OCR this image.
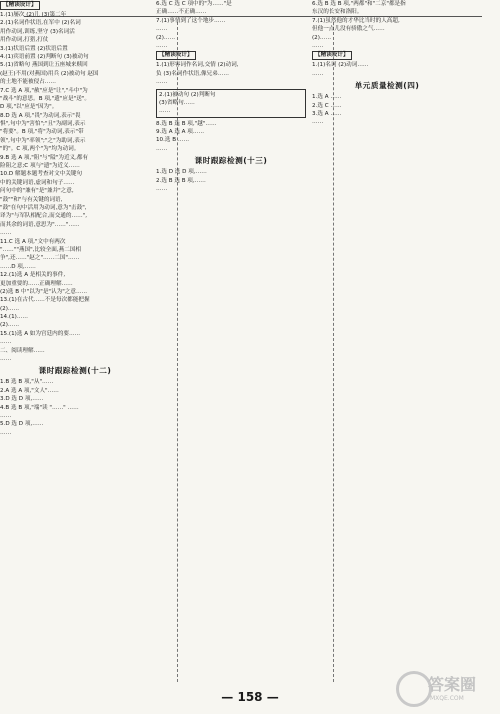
【精读设计】
1.(1)屡次 (2)儿 (3)第二年
2.(1)名词作状语,在军中 (2)名词
用作动词,训练,坚守 (3)名词活
用作动词,打猎,打仗
3.(1)状语后置 (2)状语后置
4.(1)宾语前置 (2)判断句 (3)被动句
5.(1)省略句 燕国到让五座城来赎回
(赵王)不用(对燕国)用兵 (2)被动句 赵国
的土地不能被侵占……
7.C 选 A 项,"赦"应是"让","斗中"为
"战斗"的意思。B 项,"遗"应是"送"。
D 项,"以"应是"因为"。
8.D 选 A 项,"畏"为动词,表示"畏
惧",句中为"害怕";"且"为副词,表示
"将要"。B 项,"将"为动词,表示"带
领",句中为"率领";"之"为助词,表示
"的"。C 项,两个"为"均为动词。
9.B 选 A 项,"阻"与"隘"为近义,都有
险阻之意;C 项与"遗"为近义……
10.D 解题本题考查对文中关键句
中的关键词语,虚词和句子……
问句中的"兼有"是"兼并"之意,
"鼓""和"与有关键的词语,
"鼓"在句中活用为动词,意为"击鼓",
译为"与军队相配合,而交通的……",
而其余的词语,意思为"……"……
……
11.C 选 A 项,"文中有两次
"……""燕国",比较全面,燕二国相
争",还……"赵之"……二国"……
……D 项,……
12.(1)选 A 是相关的事件,
更加重要的……正确理解……
(2)选 B 中"以为"是"认为"之意……
13.(1)在古代……不是每次都能把握
(2)……
14.(1)……
(2)……
15.(1)选 A 如为宫廷内的要……
……
二、阅读理解……
……
课时跟踪检测(十二)
1.B 选 B 项,"从"……
2.A 选 A 项,"文人"……
3.D 选 D 项,……
4.B 选 B 项,"端"读 "……" ……
……
5.D 选 D 项,……
……
6.选 C 选 C 项中的"为……"是
正确……不正确……
7.(1)事情到了这个地步……
……
(2)……
……
【精读设计】
1.(1)形容词作名词,交情 (2)动词,
负 (3)名词作状语,像兄弟……
……
2.(1)被动句 (2)判断句
(3)省略句……
……
8.选 B 选 B 项,"越"……
9.选 A 选 A 项……
10.选 B ……
……
课时跟踪检测(十三)
1.选 D 选 D 项,……
2.选 B 选 B 项,……
……
6.选 B 选 B 项,"两都"和"二京"都是指
东汉的长安和洛阳。
7.(1)虽然他的才华比当时的人高超,
但他一点儿没有骄傲之气……
(2)……
……
【精读设计】
1.(1)名词 (2)动词……
……
单元质量检测(四)
1.选 A ……
2.选 C ……
3.选 A ……
……
— 158 —
答案圈
MXQE.COM
